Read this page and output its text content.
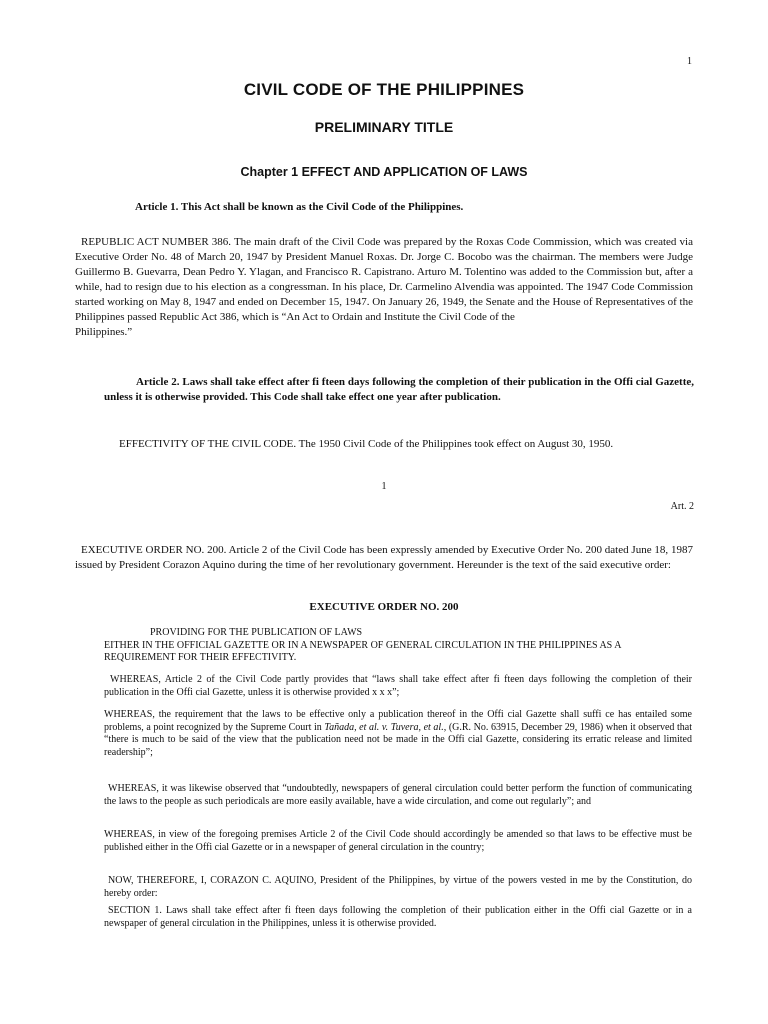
1
CIVIL CODE OF THE PHILIPPINES
PRELIMINARY TITLE
Chapter 1 EFFECT AND APPLICATION OF LAWS

Article 1. This Act shall be known as the Civil Code of the Philippines.

REPUBLIC ACT NUMBER 386. The main draft of the Civil Code was prepared by the Roxas Code Commission, which was created via Executive Order No. 48 of March 20, 1947 by President Manuel Roxas. Dr. Jorge C. Bocobo was the chairman. The members were Judge Guillermo B. Guevarra, Dean Pedro Y. Ylagan, and Francisco R. Capistrano. Arturo M. Tolentino was added to the Commission but, after a while, had to resign due to his election as a congressman. In his place, Dr. Carmelino Alvendia was appointed. The 1947 Code Commission started working on May 8, 1947 and ended on December 15, 1947. On January 26, 1949, the Senate and the House of Representatives of the Philippines passed Republic Act 386, which is “An Act to Ordain and Institute the Civil Code of the
Philippines.”

Article 2. Laws shall take effect after fi fteen days following the completion of their publication in the Offi cial Gazette, unless it is otherwise provided. This Code shall take effect one year after publication.

EFFECTIVITY OF THE CIVIL CODE. The 1950 Civil Code of the Philippines took effect on August 30, 1950.

1
Art. 2

EXECUTIVE ORDER NO. 200. Article 2 of the Civil Code has been expressly amended by Executive Order No. 200 dated June 18, 1987 issued by President Corazon Aquino during the time of her revolutionary government. Hereunder is the text of the said executive order:

EXECUTIVE ORDER NO. 200

PROVIDING FOR THE PUBLICATION OF LAWS
EITHER IN THE OFFICIAL GAZETTE OR IN A NEWSPAPER OF GENERAL CIRCULATION IN THE PHILIPPINES AS A REQUIREMENT FOR THEIR EFFECTIVITY.

WHEREAS, Article 2 of the Civil Code partly provides that “laws shall take effect after fi fteen days following the completion of their publication in the Offi cial Gazette, unless it is otherwise provided x x x”;

WHEREAS, the requirement that the laws to be effective only a publication thereof in the Offi cial Gazette shall suffi ce has entailed some problems, a point recognized by the Supreme Court in Tañada, et al. v. Tuvera, et al., (G.R. No. 63915, December 29, 1986) when it observed that “there is much to be said of the view that the publication need not be made in the Offi cial Gazette, considering its erratic release and limited readership”;

WHEREAS, it was likewise observed that “undoubtedly, newspapers of general circulation could better perform the function of communicating the laws to the people as such periodicals are more easily available, have a wide circulation, and come out regularly”; and

WHEREAS, in view of the foregoing premises Article 2 of the Civil Code should accordingly be amended so that laws to be effective must be published either in the Offi cial Gazette or in a newspaper of general circulation in the country;

NOW, THEREFORE, I, CORAZON C. AQUINO, President of the Philippines, by virtue of the powers vested in me by the Constitution, do hereby order:

SECTION 1. Laws shall take effect after fi fteen days following the completion of their publication either in the Offi cial Gazette or in a newspaper of general circulation in the Philippines, unless it is otherwise provided.
